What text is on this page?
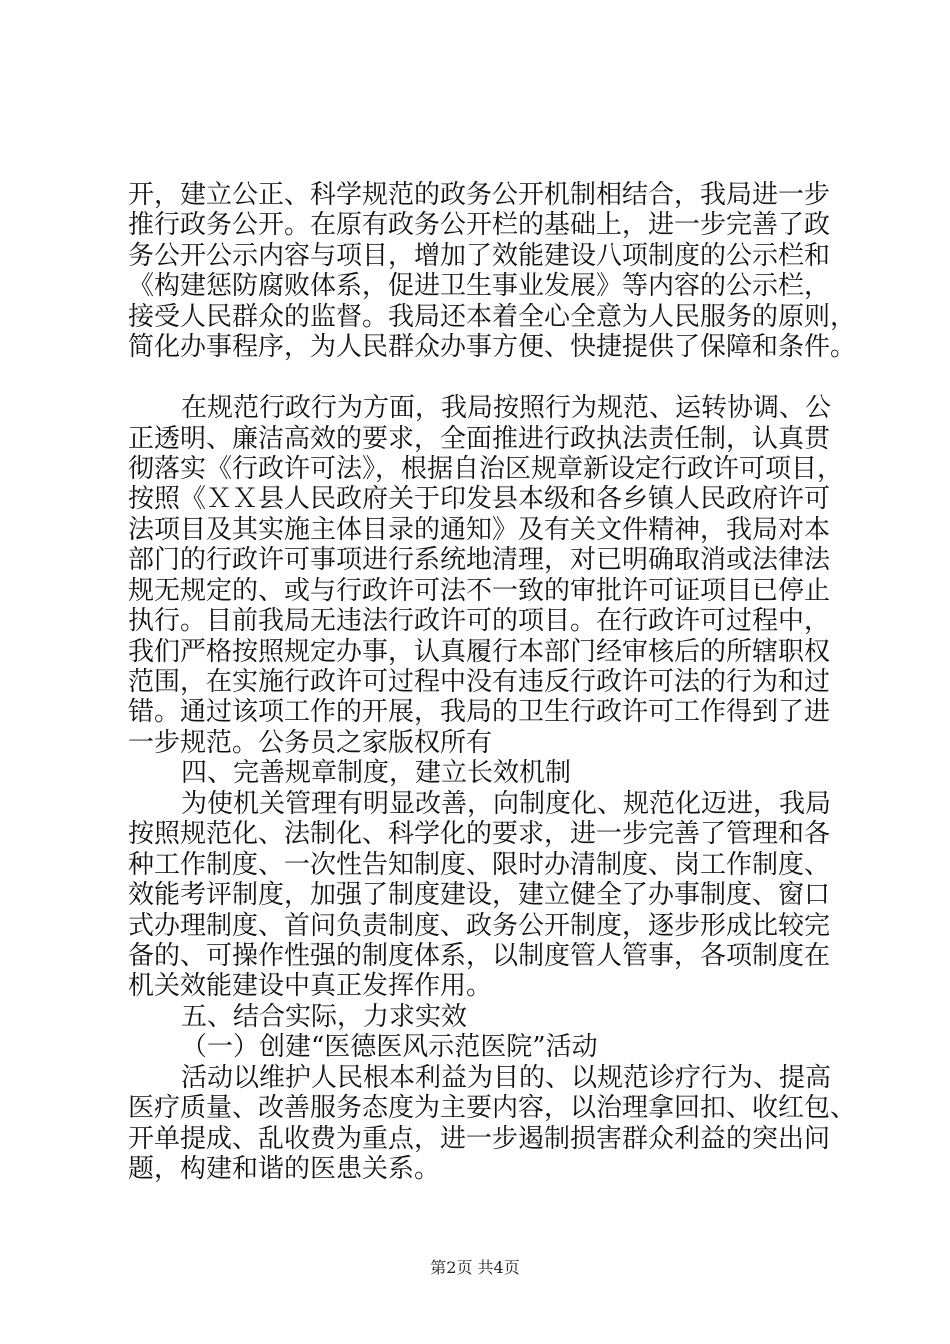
开，建立公正、科学规范的政务公开机制相结合，我局进一步
推行政务公开。在原有政务公开栏的基础上，进一步完善了政
务公开公示内容与项目，增加了效能建设八项制度的公示栏和
《构建惩防腐败体系，促进卫生事业发展》等内容的公示栏，
接受人民群众的监督。我局还本着全心全意为人民服务的原则，
简化办事程序，为人民群众办事方便、快捷提供了保障和条件。
在规范行政行为方面，我局按照行为规范、运转协调、公
正透明、廉洁高效的要求，全面推进行政执法责任制，认真贯
彻落实《行政许可法》，根据自治区规章新设定行政许可项目，
按照《ＸＸ县人民政府关于印发县本级和各乡镇人民政府许可
法项目及其实施主体目录的通知》及有关文件精神，我局对本
部门的行政许可事项进行系统地清理，对已明确取消或法律法
规无规定的、或与行政许可法不一致的审批许可证项目已停止
执行。目前我局无违法行政许可的项目。在行政许可过程中，
我们严格按照规定办事，认真履行本部门经审核后的所辖职权
范围，在实施行政许可过程中没有违反行政许可法的行为和过
错。通过该项工作的开展，我局的卫生行政许可工作得到了进
一步规范。公务员之家版权所有
四、完善规章制度，建立长效机制
为使机关管理有明显改善，向制度化、规范化迈进，我局
按照规范化、法制化、科学化的要求，进一步完善了管理和各
种工作制度、一次性告知制度、限时办清制度、岗工作制度、
效能考评制度，加强了制度建设，建立健全了办事制度、窗口
式办理制度、首问负责制度、政务公开制度，逐步形成比较完
备的、可操作性强的制度体系，以制度管人管事，各项制度在
机关效能建设中真正发挥作用。
五、结合实际，力求实效
（一）创建“医德医风示范医院”活动
活动以维护人民根本利益为目的、以规范诊疗行为、提高
医疗质量、改善服务态度为主要内容，以治理拿回扣、收红包、
开单提成、乱收费为重点，进一步遏制损害群众利益的突出问
题，构建和谐的医患关系。
第2页 共4页
